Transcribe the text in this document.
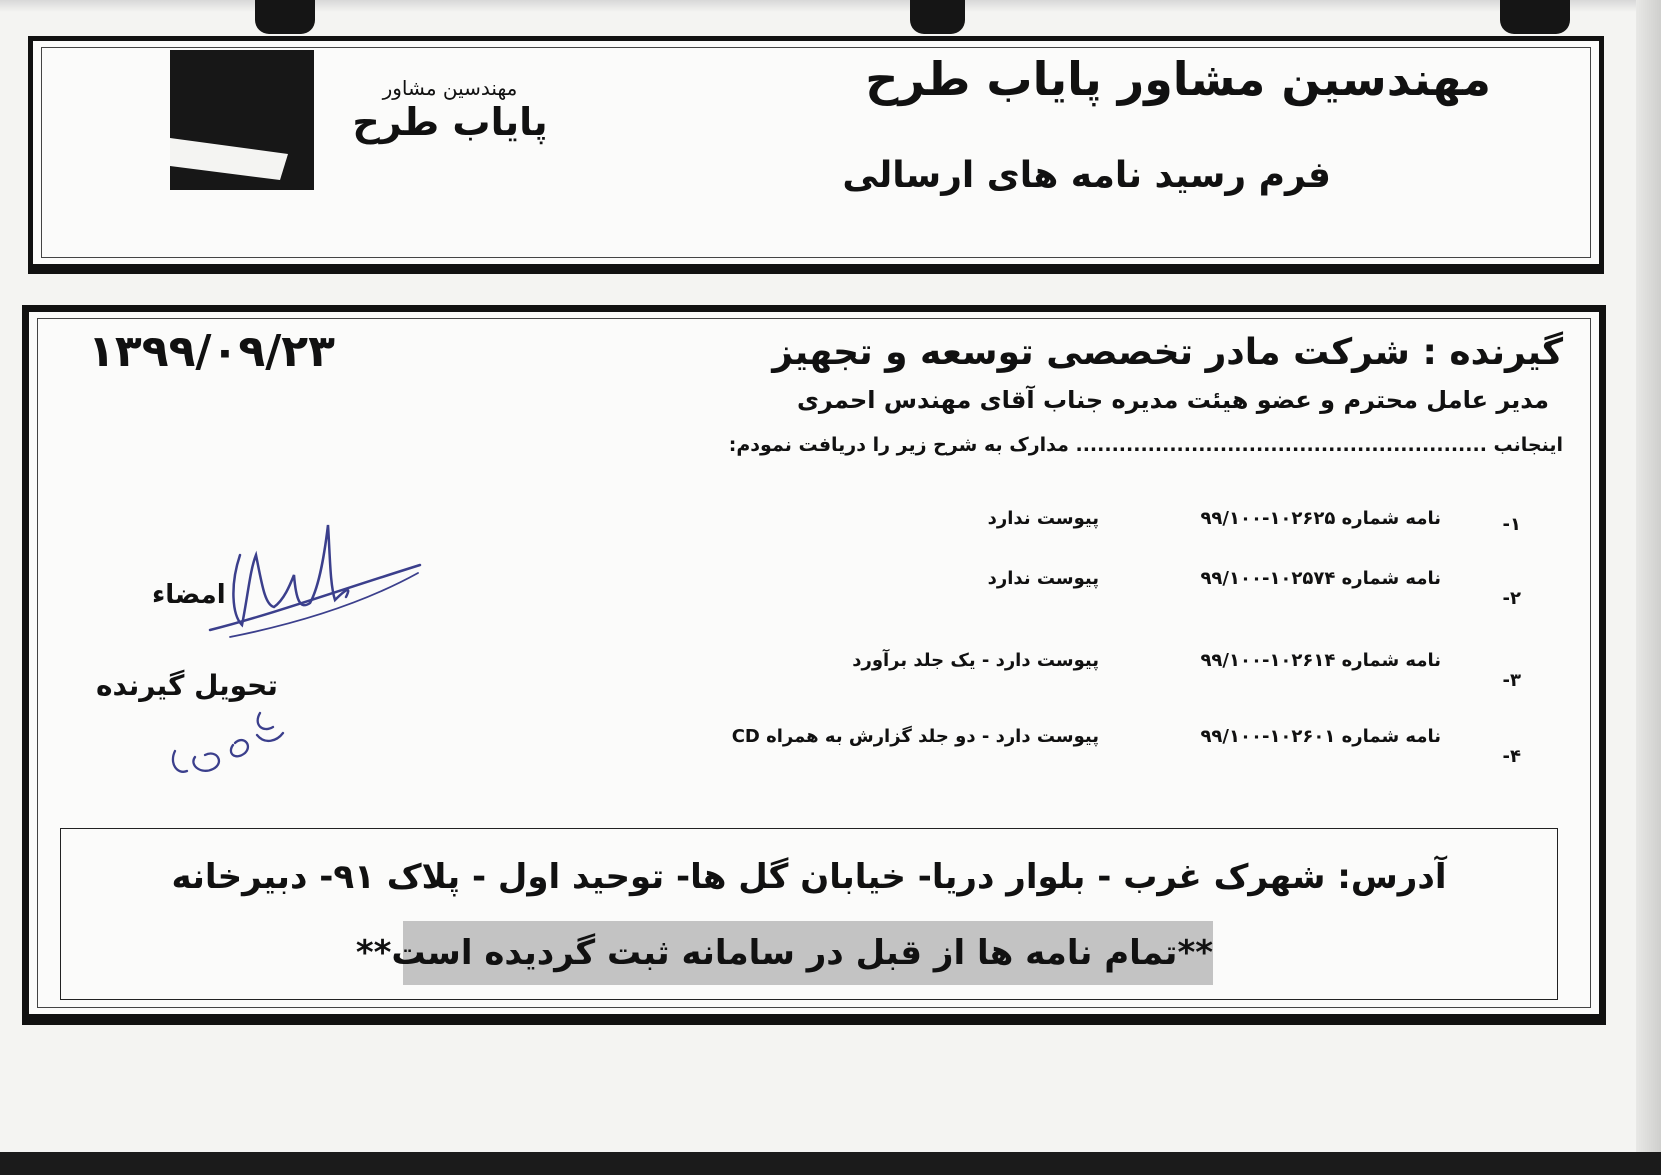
مهندسین مشاور پایاب طرح
فرم رسید نامه های ارسالی
مهندسین مشاور
پایاب طرح
۱۳۹۹/۰۹/۲۳	گیرنده : شرکت مادر تخصصی توسعه و تجهیز
مدیر عامل محترم و عضو هیئت مدیره جناب آقای مهندس احمری
اینجانب ......................................................... مدارک به شرح زیر را دریافت نمودم:
۱-
نامه شماره ۱۰۲۶۲۵-۹۹/۱۰۰
پیوست ندارد
۲-
نامه شماره ۱۰۲۵۷۴-۹۹/۱۰۰
پیوست ندارد
۳-
نامه شماره ۱۰۲۶۱۴-۹۹/۱۰۰
پیوست دارد - یک جلد برآورد
۴-
نامه شماره ۱۰۲۶۰۱-۹۹/۱۰۰
پیوست دارد - دو جلد گزارش به همراه CD
امضاء
تحویل گیرنده
آدرس: شهرک غرب - بلوار دریا- خیابان گل ها- توحید اول - پلاک ۹۱- دبیرخانه
**تمام نامه ها از قبل در سامانه ثبت گردیده است**
